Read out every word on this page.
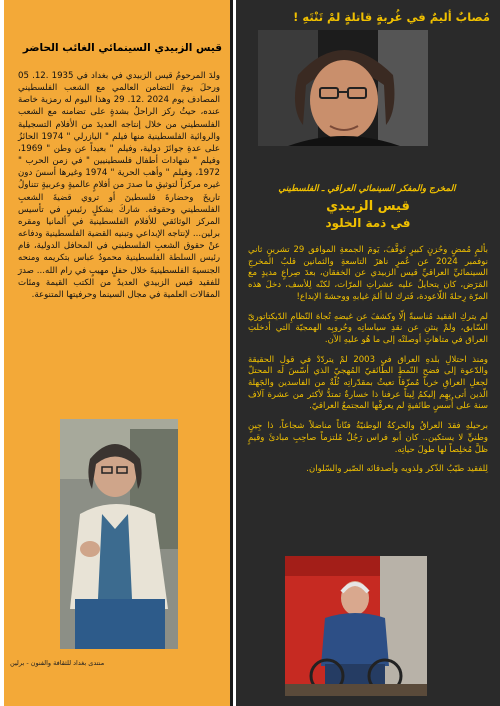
قيس الزبيدي السينمائي الغائب الحاضر
ولدَ المرحومُ قيس الزبيدي في بغداد في 1935 .12. 05 ورحلَ يومَ التضامن العالمي مع الشعب الفلسطيني المصادف يوم 2024 .12. 29 وهذا اليوم له رمزية خاصة عنده، حيثُ ركز الراحلُ بشدةٍ على تضامنه مع الشعب الفلسطيني من خلال إنتاجه العديدَ من الأفلام التسجيلية والروائية الفلسطينية منها فيلم " اليازرلي " 1974 الحائزُ على عدةِ جوائزَ دولية، وفيلم " بعيداً عن وطن " 1969، وفيلم " شهادات أطفال فلسطينيين " في زمن الحرب " 1972، وفيلم " وأهب الحرية " 1974 وغيرها أسسَ دون غيره مركزاً لتوثيقِ ما صدرَ من أفلامٍ عالميةٍ وعربيةٍ تتناولُ تاريخَ وحضارةَ فلسطينَ أو تروي قضيةَ الشعبِ الفلسطيني وحقوقه. شاركَ بشكلٍ رئيسٍ في تأسيس المركز الوثائقي للأفلام الفلسطينية في ألمانيا ومقره برلين... لإنتاجه الإبداعي وتبنيه القضية الفلسطينية ودفاعه عنْ حقوق الشعبِ الفلسطيني في المحافل الدولية، قام رئيس السلطة الفلسطينية محمودُ عباس بتكريمه ومنحه الجنسيةَ الفلسطينيةَ خلال حفلٍ مهيبٍ في رام الله... صدرَ للفقيد قيس الزبيدي العديدُ من الكتب القيمة ومئات المقالات العلمية في مجال السينما وحرفيتها المتنوعة.
منتدى بغداد للثقافة والفنون - برلين
مُصابٌ أليمٌ في غُربةٍ قاتلةٍ لمْ تَنْتَهِ !
المخرج والمفكر السينمائي العراقي ـ الفلسطيني
قيس الزبيدي
في ذمة الخلود

بألمٍ مُمضٍ وحُزنٍ كبيرٍ تَوقَّفَ، يَومَ الجمعةِ الموافق 29 تشرينٍ ثاني نوفمبر 2024 عن عُمرٍ ناهزَ التاسعةِ والثمانين قلبُ المخرجِ السينمائيِّ العراقيِّ قيس الزبيدي عن الخفقان، بعدَ صِراعٍ مديدٍ مع المَرَض، كان يتحايلُ عليه عشراتِ المرّات، لكنّه لِلأسف، دخلَ هذه المرّة رِحلةَ اللّاعودة، فَترك لنا ألمَ غيابهِ ووحشةَ الإبداع!

لم يتركِ الفقيد مُناسبةً إلّا وكشفَ عن غيضهِ تُجاهَ النّظامِ الدّيكتاتوريّ السّابق، ولمْ ينثنِ عن نقدِ سياساتِه وحُروبِه الهمجيّة التي أدخلتِ العراق في متاهاتٍ أوصلتْه إلى ما هُو عليهِ الآن.

ومنذ احتلالِ بلدهِ العراق في 2003 لمْ يتردّدْ في قول الحقيقة والدّعوة إلى فضحِ النّمطِ الطّائفيّ المُهجيّ الذي أسّسَ لَه المحتلّ لجعلِ العراقِ خرباً مُمزّقاً تعيثُ بمقدّراتِه ثُلّةٌ من الفاسدين والجَهلة الّذين أتى بِهِم إليكمُ لِيتاً عرفنا ذا خسارةٌ تمتدُّ لأكثر من عشرة آلاف سنة على أُسسٍ طائفيةٍ لم يعرفْها المجتمعُ العراقيّ.

برحيلهِ فقدَ العراقُ والحركةُ الوطنيّةُ فنّاناً مناضلاً شجاعاً، ذا جِينٍ وطنيٍّ لا يستكين.. كان أبو فراس رَجُلٌ مُلتزماً صاحِبِ مبادئَ وقيمٍ ظلَّ مُخلِصاً لها طولَ حياتِه.

لِلفقيد طيّبُ الذّكر ولذويه وأصدقائه الصّبر والسّلوان.
